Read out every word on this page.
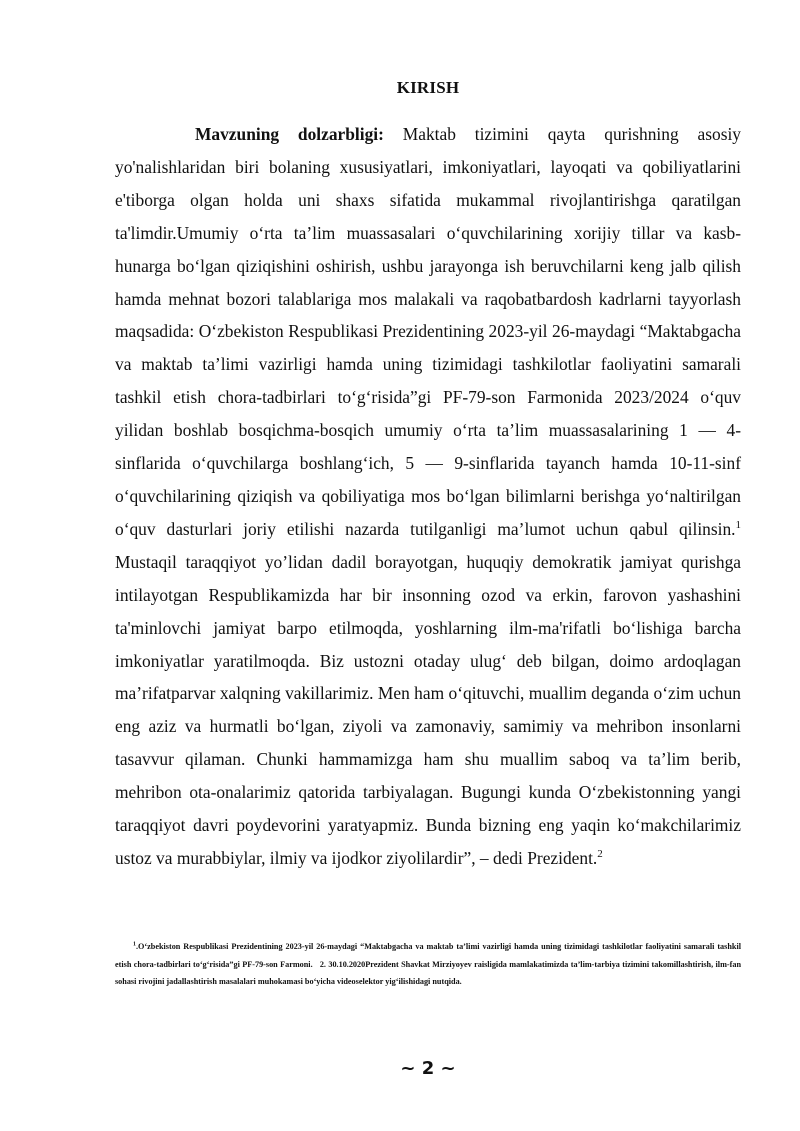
KIRISH

Mavzuning dolzarbligi: Maktab tizimini qayta qurishning asosiy yo'nalishlaridan biri bolaning xususiyatlari, imkoniyatlari, layoqati va qobiliyatlarini e'tiborga olgan holda uni shaxs sifatida mukammal rivojlantirishga qaratilgan ta'limdir.Umumiy o‘rta ta’lim muassasalari o‘quvchilarining xorijiy tillar va kasb-hunarga bo‘lgan qiziqishini oshirish, ushbu jarayonga ish beruvchilarni keng jalb qilish hamda mehnat bozori talablariga mos malakali va raqobatbardosh kadrlarni tayyorlash maqsadida: O‘zbekiston Respublikasi Prezidentining 2023-yil 26-maydagi “Maktabgacha va maktab ta’limi vazirligi hamda uning tizimidagi tashkilotlar faoliyatini samarali tashkil etish chora-tadbirlari to‘g‘risida”gi PF-79-son Farmonida 2023/2024 o‘quv yilidan boshlab bosqichma-bosqich umumiy o‘rta ta’lim muassasalarining 1 — 4-sinflarida o‘quvchilarga boshlang‘ich, 5 — 9-sinflarida tayanch hamda 10-11-sinf o‘quvchilarining qiziqish va qobiliyatiga mos bo‘lgan bilimlarni berishga yo‘naltirilgan o‘quv dasturlari joriy etilishi nazarda tutilganligi ma’lumot uchun qabul qilinsin.$^1$ Mustaqil taraqqiyot yo’lidan dadil borayotgan, huquqiy demokratik jamiyat qurishga intilayotgan Respublikamizda har bir insonning ozod va erkin, farovon yashashini ta'minlovchi jamiyat barpo etilmoqda, yoshlarning ilm-ma'rifatli bo‘lishiga barcha imkoniyatlar yaratilmoqda. Biz ustozni otaday ulug‘ deb bilgan, doimo ardoqlagan ma’rifatparvar xalqning vakillarimiz. Men ham o‘qituvchi, muallim deganda o‘zim uchun eng aziz va hurmatli bo‘lgan, ziyoli va zamonaviy, samimiy va mehribon insonlarni tasavvur qilaman. Chunki hammamizga ham shu muallim saboq va ta’lim berib, mehribon ota-onalarimiz qatorida tarbiyalagan. Bugungi kunda O‘zbekistonning yangi taraqqiyot davri poydevorini yaratyapmiz. Bunda bizning eng yaqin ko‘makchilarimiz ustoz va murabbiylar, ilmiy va ijodkor ziyolilardir”, – dedi Prezident.$^2$

$^1$.O‘zbekiston Respublikasi Prezidentining 2023-yil 26-maydagi “Maktabgacha va maktab ta’limi vazirligi hamda uning tizimidagi tashkilotlar faoliyatini samarali tashkil etish chora-tadbirlari to‘g‘risida”gi PF-79-son Farmoni. 2. 30.10.2020Prezident Shavkat Mirziyoyev raisligida mamlakatimizda ta’lim-tarbiya tizimini takomillashtirish, ilm-fan sohasi rivojini jadallashtirish masalalari muhokamasi bo‘yicha videoselektor yig‘ilishidagi nutqida.

~ 2 ~
